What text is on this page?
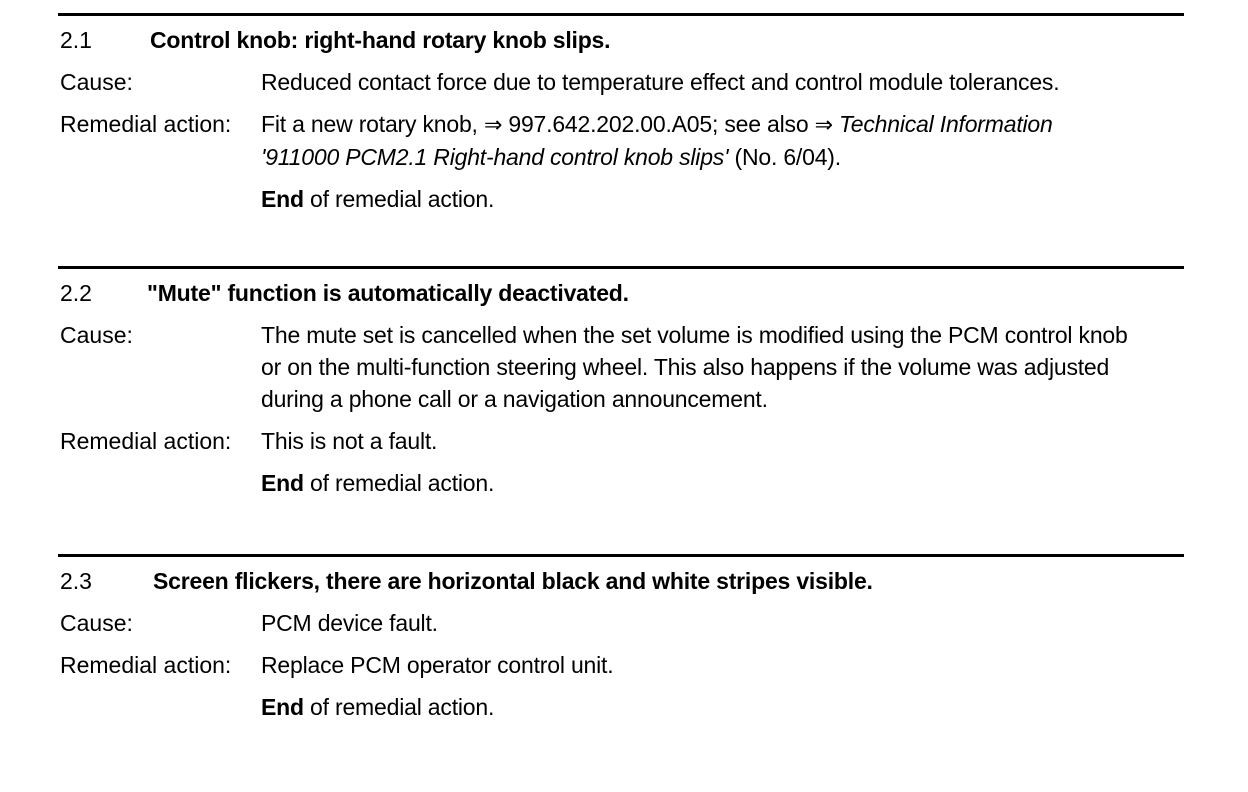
2.1	Control knob: right-hand rotary knob slips.
Cause:	Reduced contact force due to temperature effect and control module tolerances.
Remedial action: Fit a new rotary knob, ⇒ 997.642.202.00.A05; see also ⇒ Technical Information
'911000 PCM2.1 Right-hand control knob slips' (No. 6/04).
End of remedial action.
2.2 "Mute" function is automatically deactivated.
Cause:	The mute set is cancelled when the set volume is modified using the PCM control knob
or on the multi-function steering wheel. This also happens if the volume was adjusted
during a phone call or a navigation announcement.
Remedial action: This is not a fault.
End of remedial action.
2.3	Screen flickers, there are horizontal black and white stripes visible.
Cause:	PCM device fault.
Remedial action: Replace PCM operator control unit.
End of remedial action.
